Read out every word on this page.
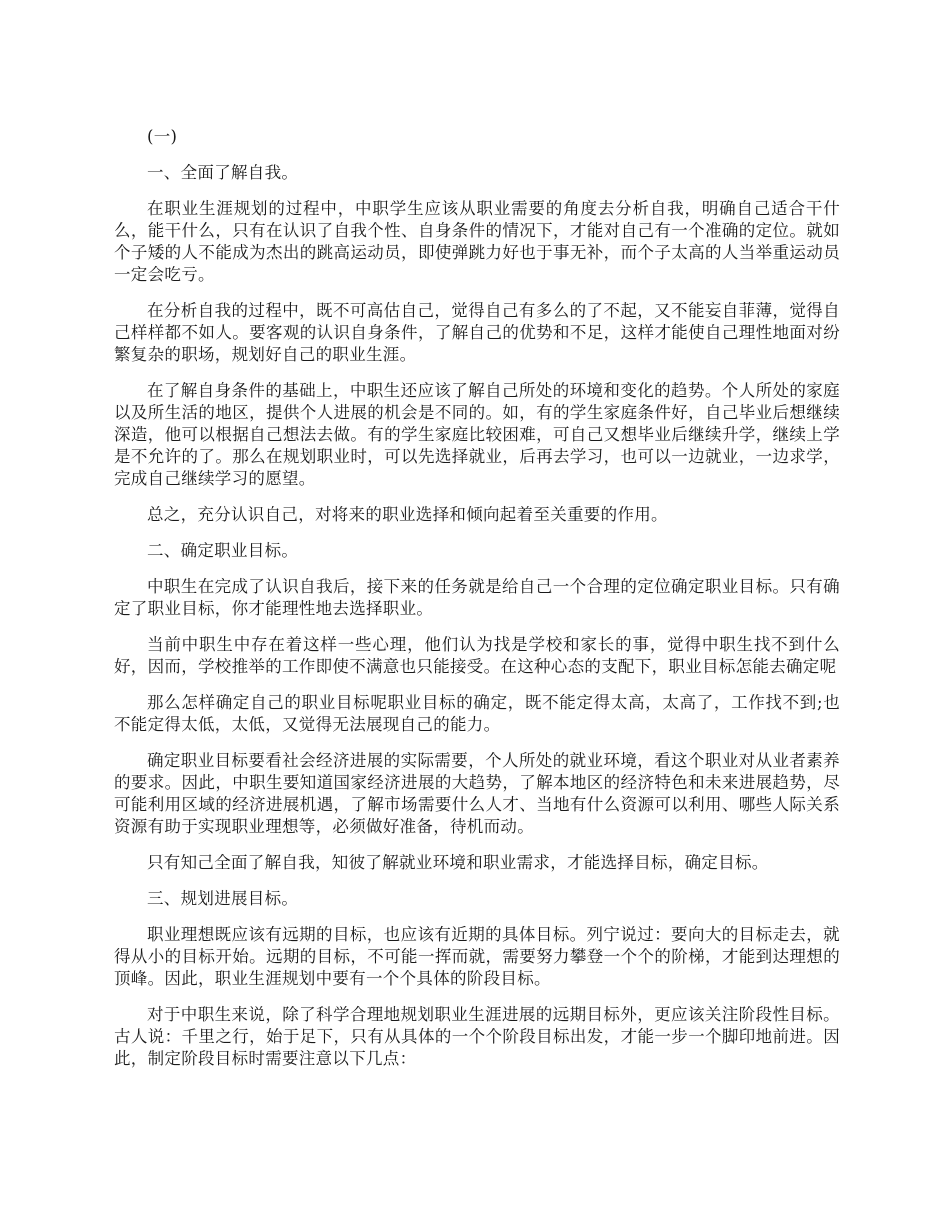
(一)

一、全面了解自我。

在职业生涯规划的过程中，中职学生应该从职业需要的角度去分析自我，明确自己适合干什么，能干什么，只有在认识了自我个性、自身条件的情况下，才能对自己有一个准确的定位。就如个子矮的人不能成为杰出的跳高运动员，即使弹跳力好也于事无补，而个子太高的人当举重运动员一定会吃亏。

在分析自我的过程中，既不可高估自己，觉得自己有多么的了不起，又不能妄自菲薄，觉得自己样样都不如人。要客观的认识自身条件，了解自己的优势和不足，这样才能使自己理性地面对纷繁复杂的职场，规划好自己的职业生涯。

在了解自身条件的基础上，中职生还应该了解自己所处的环境和变化的趋势。个人所处的家庭以及所生活的地区，提供个人进展的机会是不同的。如，有的学生家庭条件好，自己毕业后想继续深造，他可以根据自己想法去做。有的学生家庭比较困难，可自己又想毕业后继续升学，继续上学是不允许的了。那么在规划职业时，可以先选择就业，后再去学习，也可以一边就业，一边求学，完成自己继续学习的愿望。

总之，充分认识自己，对将来的职业选择和倾向起着至关重要的作用。

二、确定职业目标。

中职生在完成了认识自我后，接下来的任务就是给自己一个合理的定位确定职业目标。只有确定了职业目标，你才能理性地去选择职业。

当前中职生中存在着这样一些心理，他们认为找是学校和家长的事，觉得中职生找不到什么好，因而，学校推举的工作即使不满意也只能接受。在这种心态的支配下，职业目标怎能去确定呢

那么怎样确定自己的职业目标呢职业目标的确定，既不能定得太高，太高了，工作找不到;也不能定得太低，太低，又觉得无法展现自己的能力。

确定职业目标要看社会经济进展的实际需要，个人所处的就业环境，看这个职业对从业者素养的要求。因此，中职生要知道国家经济进展的大趋势，了解本地区的经济特色和未来进展趋势，尽可能利用区域的经济进展机遇，了解市场需要什么人才、当地有什么资源可以利用、哪些人际关系资源有助于实现职业理想等，必须做好准备，待机而动。

只有知己全面了解自我，知彼了解就业环境和职业需求，才能选择目标，确定目标。

三、规划进展目标。

职业理想既应该有远期的目标，也应该有近期的具体目标。列宁说过：要向大的目标走去，就得从小的目标开始。远期的目标，不可能一挥而就，需要努力攀登一个个的阶梯，才能到达理想的顶峰。因此，职业生涯规划中要有一个个具体的阶段目标。

对于中职生来说，除了科学合理地规划职业生涯进展的远期目标外，更应该关注阶段性目标。古人说：千里之行，始于足下，只有从具体的一个个阶段目标出发，才能一步一个脚印地前进。因此，制定阶段目标时需要注意以下几点：
